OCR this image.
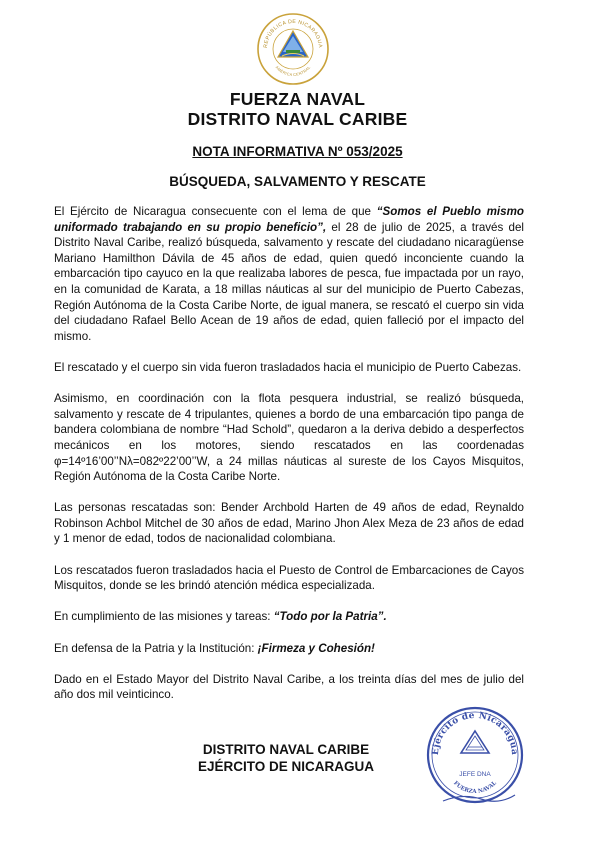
REPÚBLICA DE NICARAGUA
AMÉRICA CENTRAL
FUERZA NAVAL
DISTRITO NAVAL CARIBE
NOTA INFORMATIVA Nº 053/2025
BÚSQUEDA, SALVAMENTO Y RESCATE

El Ejército de Nicaragua consecuente con el lema de que “Somos el Pueblo mismo uniformado trabajando en su propio beneficio”, el 28 de julio de 2025, a través del Distrito Naval Caribe, realizó búsqueda, salvamento y rescate del ciudadano nicaragüense Mariano Hamilthon Dávila de 45 años de edad, quien quedó inconciente cuando la embarcación tipo cayuco en la que realizaba labores de pesca, fue impactada por un rayo, en la comunidad de Karata, a 18 millas náuticas al sur del municipio de Puerto Cabezas, Región Autónoma de la Costa Caribe Norte, de igual manera, se rescató el cuerpo sin vida del ciudadano Rafael Bello Acean de 19 años de edad, quien falleció por el impacto del mismo.

El rescatado y el cuerpo sin vida fueron trasladados hacia el municipio de Puerto Cabezas.

Asimismo, en coordinación con la flota pesquera industrial, se realizó búsqueda, salvamento y rescate de 4 tripulantes, quienes a bordo de una embarcación tipo panga de bandera colombiana de nombre “Had Schold”, quedaron a la deriva debido a desperfectos mecánicos en los motores, siendo rescatados en las coordenadas φ=14º16’00’’Nλ=082º22’00’’W, a 24 millas náuticas al sureste de los Cayos Misquitos, Región Autónoma de la Costa Caribe Norte.

Las personas rescatadas son: Bender Archbold Harten de 49 años de edad, Reynaldo Robinson Achbol Mitchel de 30 años de edad, Marino Jhon Alex Meza de 23 años de edad y 1 menor de edad, todos de nacionalidad colombiana.

Los rescatados fueron trasladados hacia el Puesto de Control de Embarcaciones de Cayos Misquitos, donde se les brindó atención médica especializada.

En cumplimiento de las misiones y tareas: “Todo por la Patria”.

En defensa de la Patria y la Institución: ¡Firmeza y Cohesión!

Dado en el Estado Mayor del Distrito Naval Caribe, a los treinta días del mes de julio del año dos mil veinticinco.

DISTRITO NAVAL CARIBE
EJÉRCITO DE NICARAGUA
Ejército de Nicaragua
JEFE DNA
FUERZA NAVAL
